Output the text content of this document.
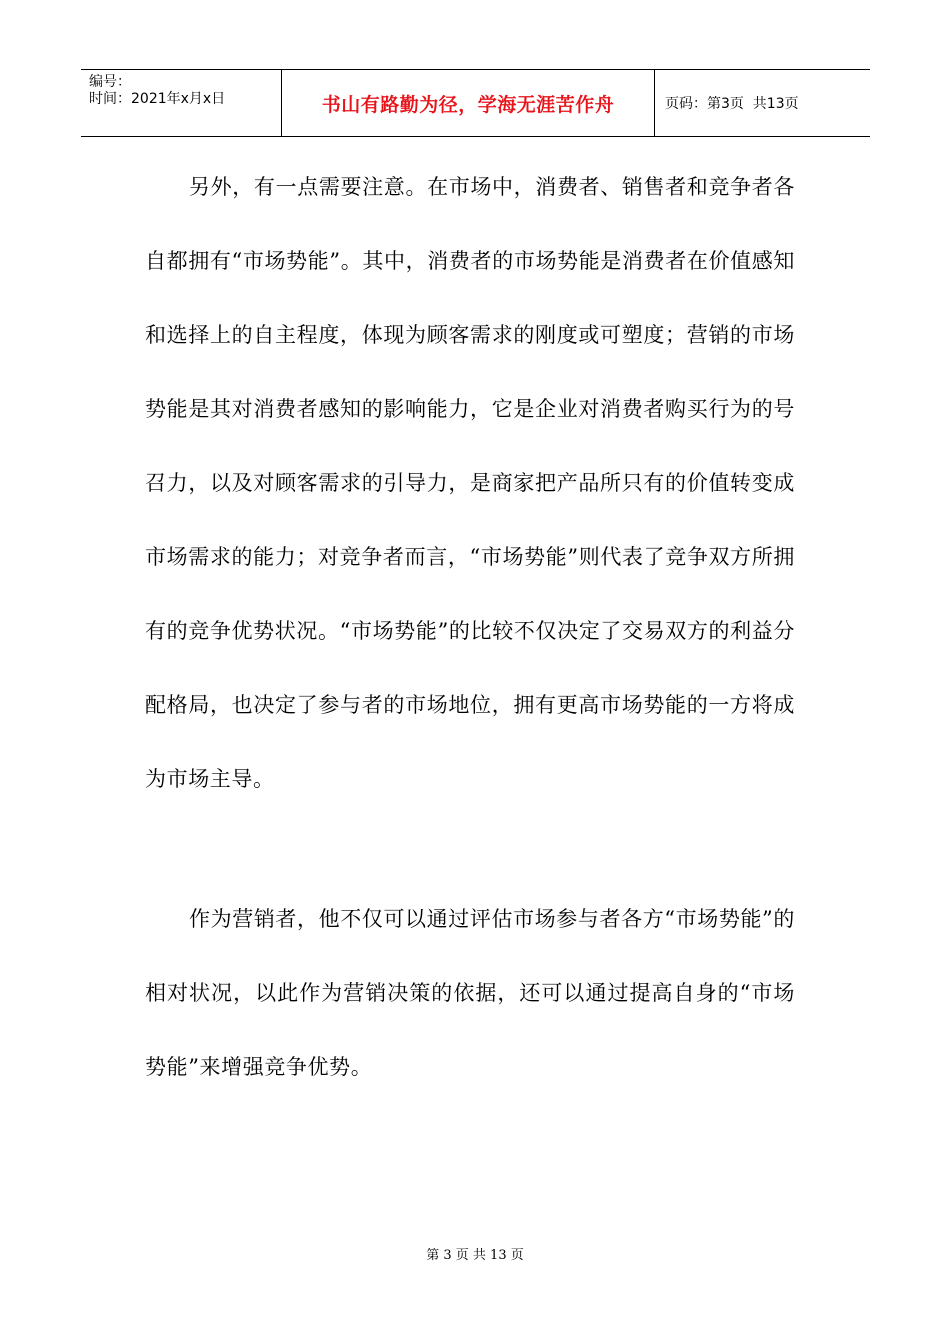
编号：
时间：2021年x月x日	书山有路勤为径，学海无涯苦作舟	页码：第3页  共13页

另外，有一点需要注意。在市场中，消费者、销售者和竞争者各自都拥有“市场势能”。其中，消费者的市场势能是消费者在价值感知和选择上的自主程度，体现为顾客需求的刚度或可塑度；营销的市场势能是其对消费者感知的影响能力，它是企业对消费者购买行为的号召力，以及对顾客需求的引导力，是商家把产品所只有的价值转变成市场需求的能力；对竞争者而言，“市场势能”则代表了竞争双方所拥有的竞争优势状况。“市场势能”的比较不仅决定了交易双方的利益分配格局，也决定了参与者的市场地位，拥有更高市场势能的一方将成为市场主导。

作为营销者，他不仅可以通过评估市场参与者各方“市场势能”的相对状况，以此作为营销决策的依据，还可以通过提高自身的“市场势能”来增强竞争优势。

第 3 页 共 13 页
